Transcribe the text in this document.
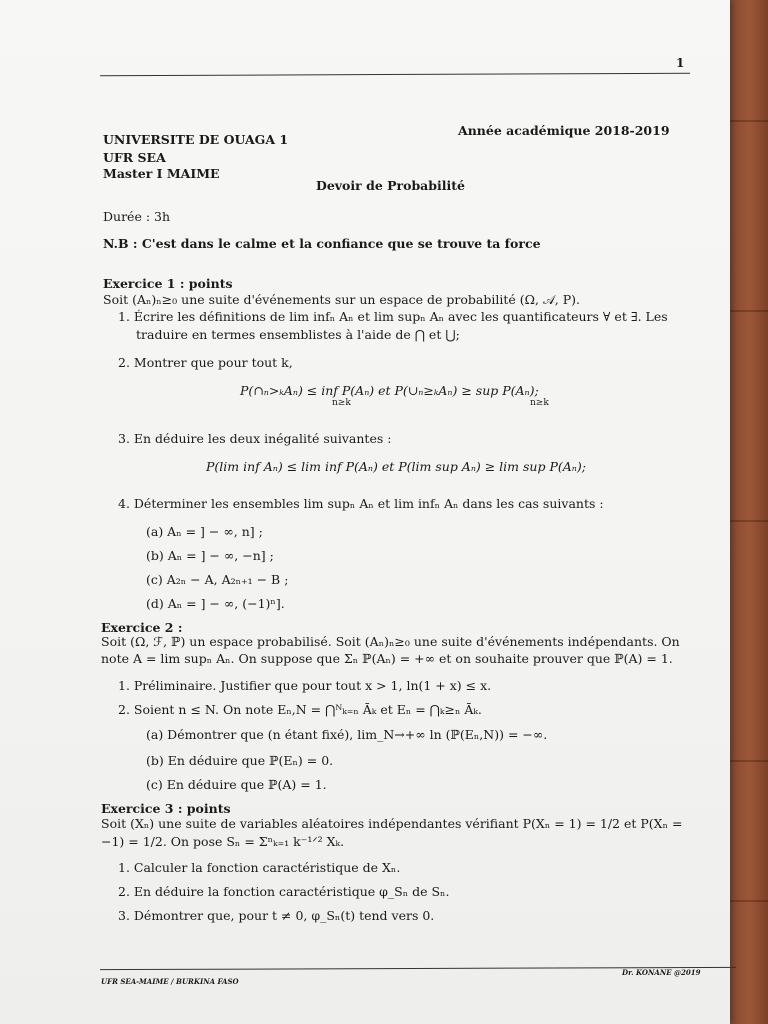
1
UNIVERSITE DE OUAGA 1
Année académique 2018-2019
UFR SEA
Master I MAIME
Devoir de Probabilité
Durée : 3h
N.B : C'est dans le calme et la confiance que se trouve ta force
Exercice 1 : points
Soit (Aₙ)ₙ≥₀ une suite d'événements sur un espace de probabilité (Ω, 𝒜, P).
1. Écrire les définitions de lim infₙ Aₙ et lim supₙ Aₙ avec les quantificateurs ∀ et ∃. Les
traduire en termes ensemblistes à l'aide de ⋂ et ⋃;
2. Montrer que pour tout k,
P(∩ₙ>ₖAₙ) ≤ inf P(Aₙ) et P(∪ₙ≥ₖAₙ) ≥ sup P(Aₙ);
n≥k	n≥k
3. En déduire les deux inégalité suivantes :
P(lim inf Aₙ) ≤ lim inf P(Aₙ) et P(lim sup Aₙ) ≥ lim sup P(Aₙ);
4. Déterminer les ensembles lim supₙ Aₙ et lim infₙ Aₙ dans les cas suivants :
(a) Aₙ = ] − ∞, n] ;
(b) Aₙ = ] − ∞, −n] ;
(c) A₂ₙ − A, A₂ₙ₊₁ − B ;
(d) Aₙ = ] − ∞, (−1)ⁿ].
Exercice 2 :
Soit (Ω, ℱ, ℙ) un espace probabilisé. Soit (Aₙ)ₙ≥₀ une suite d'événements indépendants. On
note A = lim supₙ Aₙ. On suppose que Σₙ ℙ(Aₙ) = +∞ et on souhaite prouver que ℙ(A) = 1.
1. Préliminaire. Justifier que pour tout x > 1, ln(1 + x) ≤ x.
2. Soient n ≤ N. On note Eₙ,N = ⋂ᴺₖ₌ₙ Āₖ et Eₙ = ⋂ₖ≥ₙ Āₖ.
(a) Démontrer que (n étant fixé), lim_N→+∞ ln (ℙ(Eₙ,N)) = −∞.
(b) En déduire que ℙ(Eₙ) = 0.
(c) En déduire que ℙ(A) = 1.
Exercice 3 : points
Soit (Xₙ) une suite de variables aléatoires indépendantes vérifiant P(Xₙ = 1) = 1/2 et P(Xₙ =
−1) = 1/2. On pose Sₙ = Σⁿₖ₌₁ k⁻¹ᐟ² Xₖ.
1. Calculer la fonction caractéristique de Xₙ.
2. En déduire la fonction caractéristique φ_Sₙ de Sₙ.
3. Démontrer que, pour t ≠ 0, φ_Sₙ(t) tend vers 0.
UFR SEA-MAIME / BURKINA FASO
Dr. KONANE @2019
